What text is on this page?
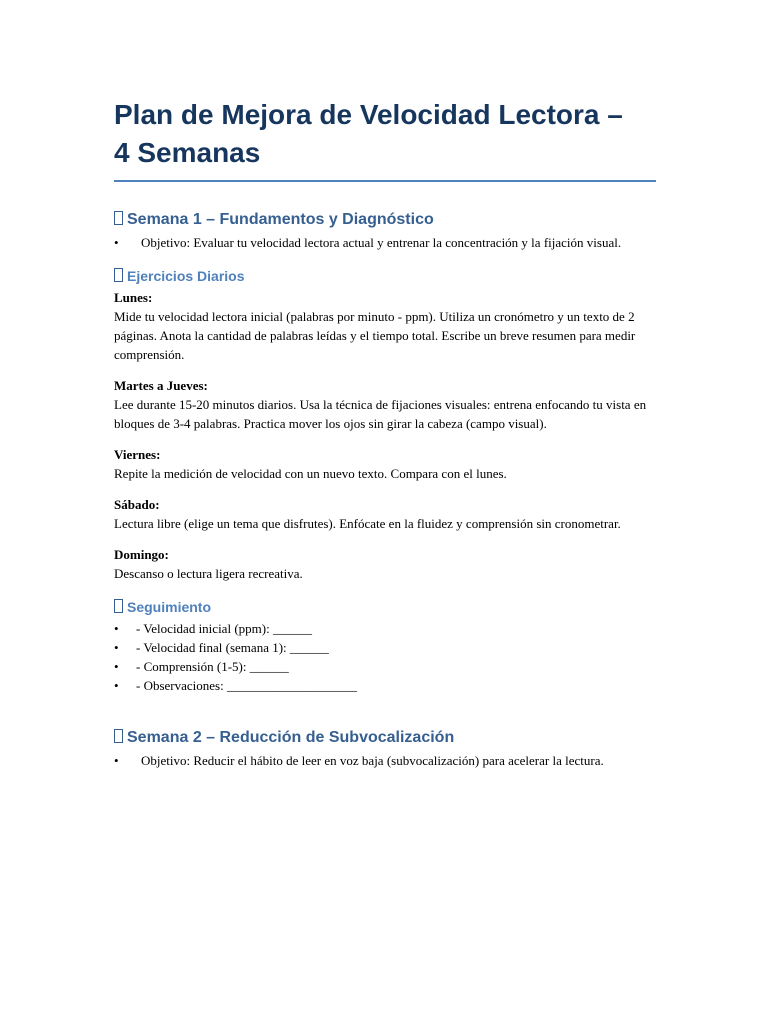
Plan de Mejora de Velocidad Lectora –
4 Semanas
Semana 1 – Fundamentos y Diagnóstico
• Objetivo: Evaluar tu velocidad lectora actual y entrenar la concentración y la fijación visual.
Ejercicios Diarios

Lunes:

Mide tu velocidad lectora inicial (palabras por minuto - ppm). Utiliza un cronómetro y un texto de 2 páginas. Anota la cantidad de palabras leídas y el tiempo total. Escribe un breve resumen para medir comprensión.

Martes a Jueves:

Lee durante 15-20 minutos diarios. Usa la técnica de fijaciones visuales: entrena enfocando tu vista en bloques de 3-4 palabras. Practica mover los ojos sin girar la cabeza (campo visual).

Viernes:

Repite la medición de velocidad con un nuevo texto. Compara con el lunes.

Sábado:

Lectura libre (elige un tema que disfrutes). Enfócate en la fluidez y comprensión sin cronometrar.

Domingo:

Descanso o lectura ligera recreativa.

Seguimiento
• - Velocidad inicial (ppm): ______
• - Velocidad final (semana 1): ______
• - Comprensión (1-5): ______
• - Observaciones: ____________________
Semana 2 – Reducción de Subvocalización
• Objetivo: Reducir el hábito de leer en voz baja (subvocalización) para acelerar la lectura.
